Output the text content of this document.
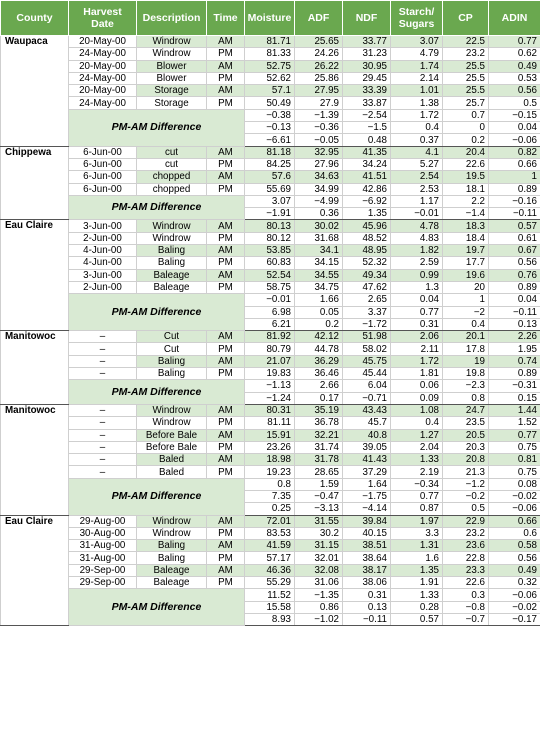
County	Harvest Date	Description	Time	Moisture	ADF	NDF	Starch/ Sugars	CP	ADIN
Waupaca	20-May-00	Windrow	AM	81.71	25.65	33.77	3.07	22.5	0.77
	24-May-00	Windrow	PM	81.33	24.26	31.23	4.79	23.2	0.62
	20-May-00	Blower	AM	52.75	26.22	30.95	1.74	25.5	0.49
	24-May-00	Blower	PM	52.62	25.86	29.45	2.14	25.5	0.53
	20-May-00	Storage	AM	57.1	27.95	33.39	1.01	25.5	0.56
	24-May-00	Storage	PM	50.49	27.9	33.87	1.38	25.7	0.5
	PM-AM Difference			−0.38	−1.39	−2.54	1.72	0.7	−0.15
				−0.13	−0.36	−1.5	0.4	0	0.04
				−6.61	−0.05	0.48	0.37	0.2	−0.06
Chippewa	6-Jun-00	cut	AM	81.18	32.95	41.35	4.1	20.4	0.82
	6-Jun-00	cut	PM	84.25	27.96	34.24	5.27	22.6	0.66
	6-Jun-00	chopped	AM	57.6	34.63	41.51	2.54	19.5	1
	6-Jun-00	chopped	PM	55.69	34.99	42.86	2.53	18.1	0.89
	PM-AM Difference			3.07	−4.99	−6.92	1.17	2.2	−0.16
				−1.91	0.36	1.35	−0.01	−1.4	−0.11
Eau Claire	3-Jun-00	Windrow	AM	80.13	30.02	45.96	4.78	18.3	0.57
	2-Jun-00	Windrow	PM	80.12	31.68	48.52	4.83	18.4	0.61
	4-Jun-00	Baling	AM	53.85	34.1	48.95	1.82	19.7	0.67
	4-Jun-00	Baling	PM	60.83	34.15	52.32	2.59	17.7	0.56
	3-Jun-00	Baleage	AM	52.54	34.55	49.34	0.99	19.6	0.76
	2-Jun-00	Baleage	PM	58.75	34.75	47.62	1.3	20	0.89
	PM-AM Difference			−0.01	1.66	2.65	0.04	1	0.04
				6.98	0.05	3.37	0.77	−2	−0.11
				6.21	0.2	−1.72	0.31	0.4	0.13
Manitowoc	–	Cut	AM	81.92	42.12	51.98	2.06	20.1	2.26
	–	Cut	PM	80.79	44.78	58.02	2.11	17.8	1.95
	–	Baling	AM	21.07	36.29	45.75	1.72	19	0.74
	–	Baling	PM	19.83	36.46	45.44	1.81	19.8	0.89
	PM-AM Difference			−1.13	2.66	6.04	0.06	−2.3	−0.31
				−1.24	0.17	−0.71	0.09	0.8	0.15
Manitowoc	–	Windrow	AM	80.31	35.19	43.43	1.08	24.7	1.44
	–	Windrow	PM	81.11	36.78	45.7	0.4	23.5	1.52
	–	Before Bale	AM	15.91	32.21	40.8	1.27	20.5	0.77
	–	Before Bale	PM	23.26	31.74	39.05	2.04	20.3	0.75
	–	Baled	AM	18.98	31.78	41.43	1.33	20.8	0.81
	–	Baled	PM	19.23	28.65	37.29	2.19	21.3	0.75
	PM-AM Difference			0.8	1.59	1.64	−0.34	−1.2	0.08
				7.35	−0.47	−1.75	0.77	−0.2	−0.02
				0.25	−3.13	−4.14	0.87	0.5	−0.06
Eau Claire	29-Aug-00	Windrow	AM	72.01	31.55	39.84	1.97	22.9	0.66
	30-Aug-00	Windrow	PM	83.53	30.2	40.15	3.3	23.2	0.6
	31-Aug-00	Baling	AM	41.59	31.15	38.51	1.31	23.6	0.58
	31-Aug-00	Baling	PM	57.17	32.01	38.64	1.6	22.8	0.56
	29-Sep-00	Baleage	AM	46.36	32.08	38.17	1.35	23.3	0.49
	29-Sep-00	Baleage	PM	55.29	31.06	38.06	1.91	22.6	0.32
	PM-AM Difference			11.52	−1.35	0.31	1.33	0.3	−0.06
				15.58	0.86	0.13	0.28	−0.8	−0.02
				8.93	−1.02	−0.11	0.57	−0.7	−0.17
